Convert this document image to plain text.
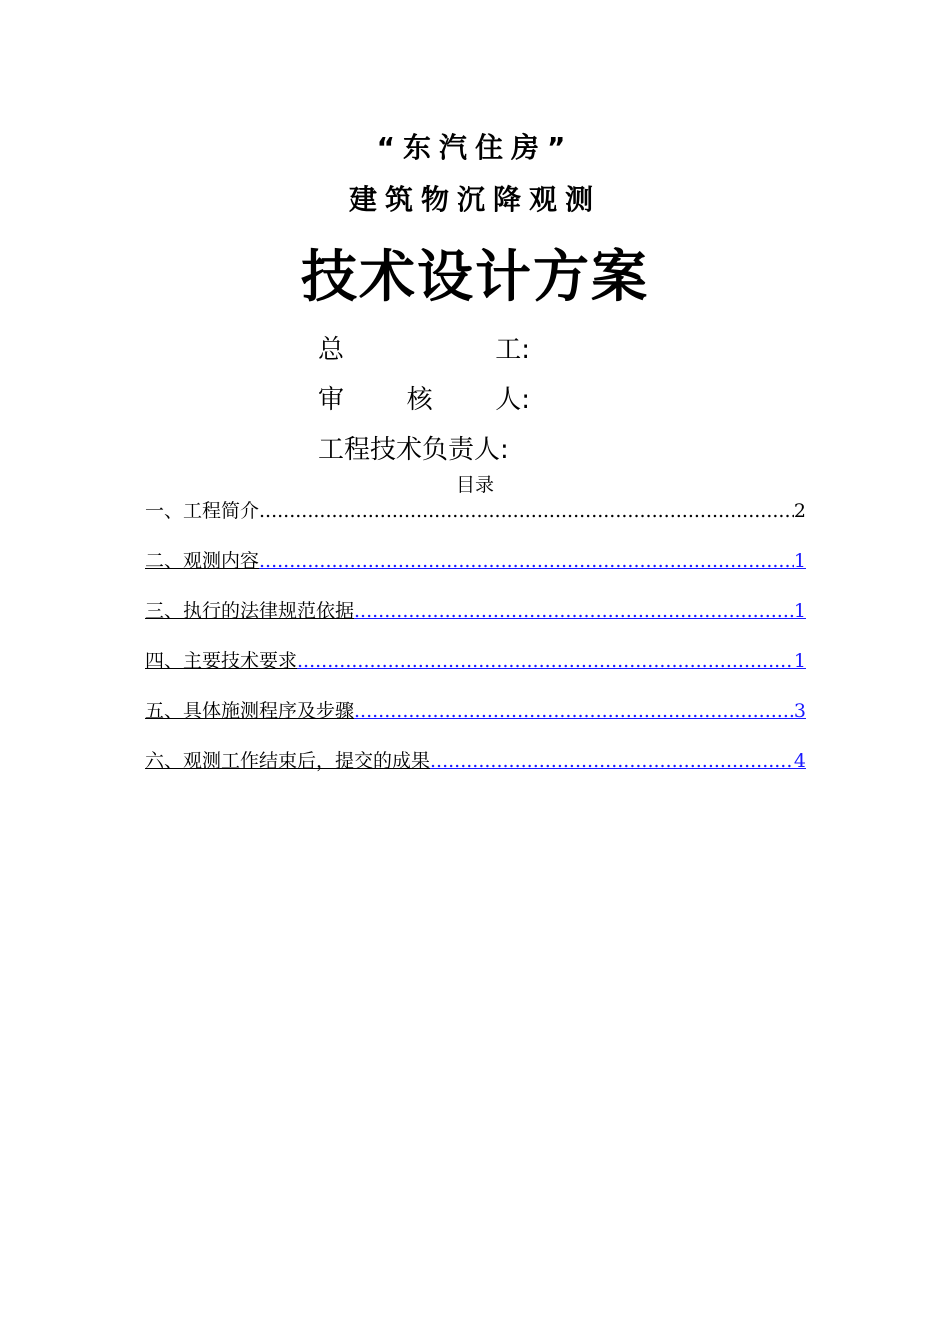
“东汽住房”
建筑物沉降观测
技术设计方案
总	工:
审 核 人:
工程技术负责人:
目录
一、工程简介 .....	2
二、观测内容 .....	1
三、执行的法律规范依据 .....	1
四、主要技术要求 .....	1
五、具体施测程序及步骤 .....	3
六、观测工作结束后，提交的成果 .....	4
